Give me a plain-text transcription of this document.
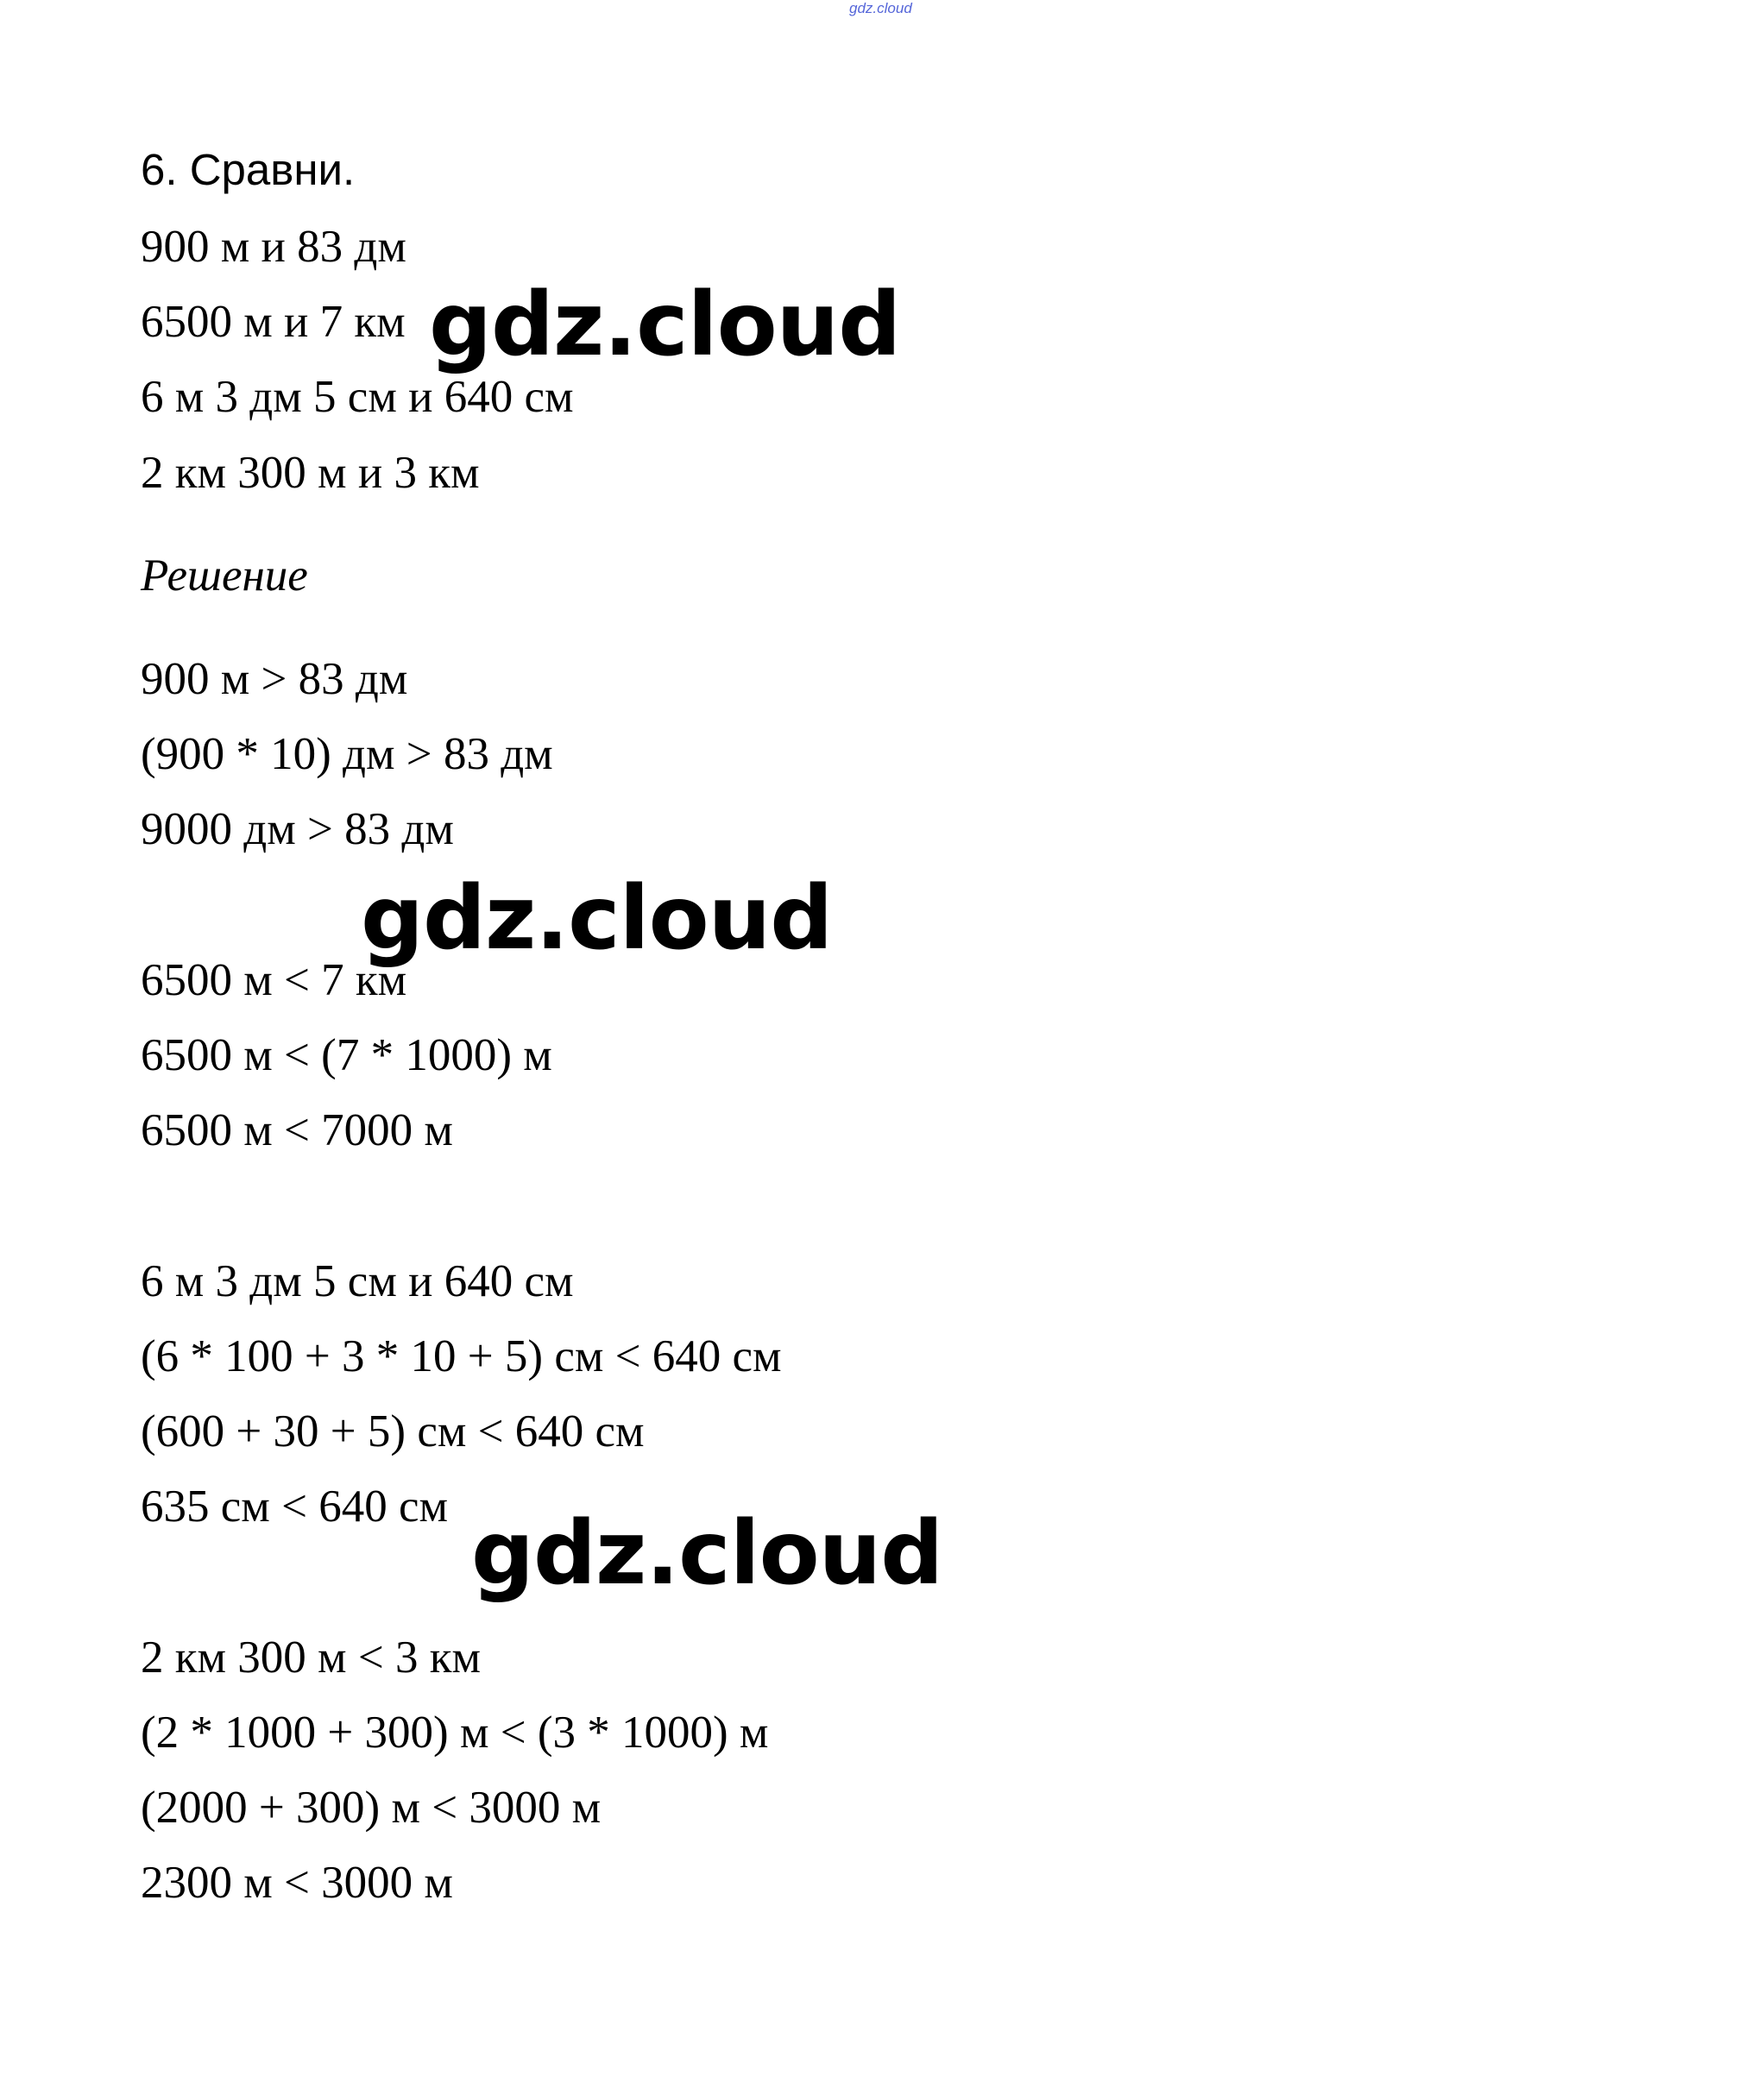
gdz.cloud
6. Сравни.
900 м и 83 дм
6500 м и 7 км
6 м 3 дм 5 см и 640 см
2 км 300 м и 3 км
Решение
900 м > 83 дм
(900 * 10) дм > 83 дм
9000 дм > 83 дм
6500 м < 7 км
6500 м < (7 * 1000) м
6500 м < 7000 м
6 м 3 дм 5 см и 640 см
(6 * 100 + 3 * 10 + 5) см < 640 см
(600 + 30 + 5) см < 640 см
635 см < 640 см
2 км 300 м < 3 км
(2 * 1000 + 300) м < (3 * 1000) м
(2000 + 300) м < 3000 м
2300 м < 3000 м
gdz.cloud
gdz.cloud
gdz.cloud
